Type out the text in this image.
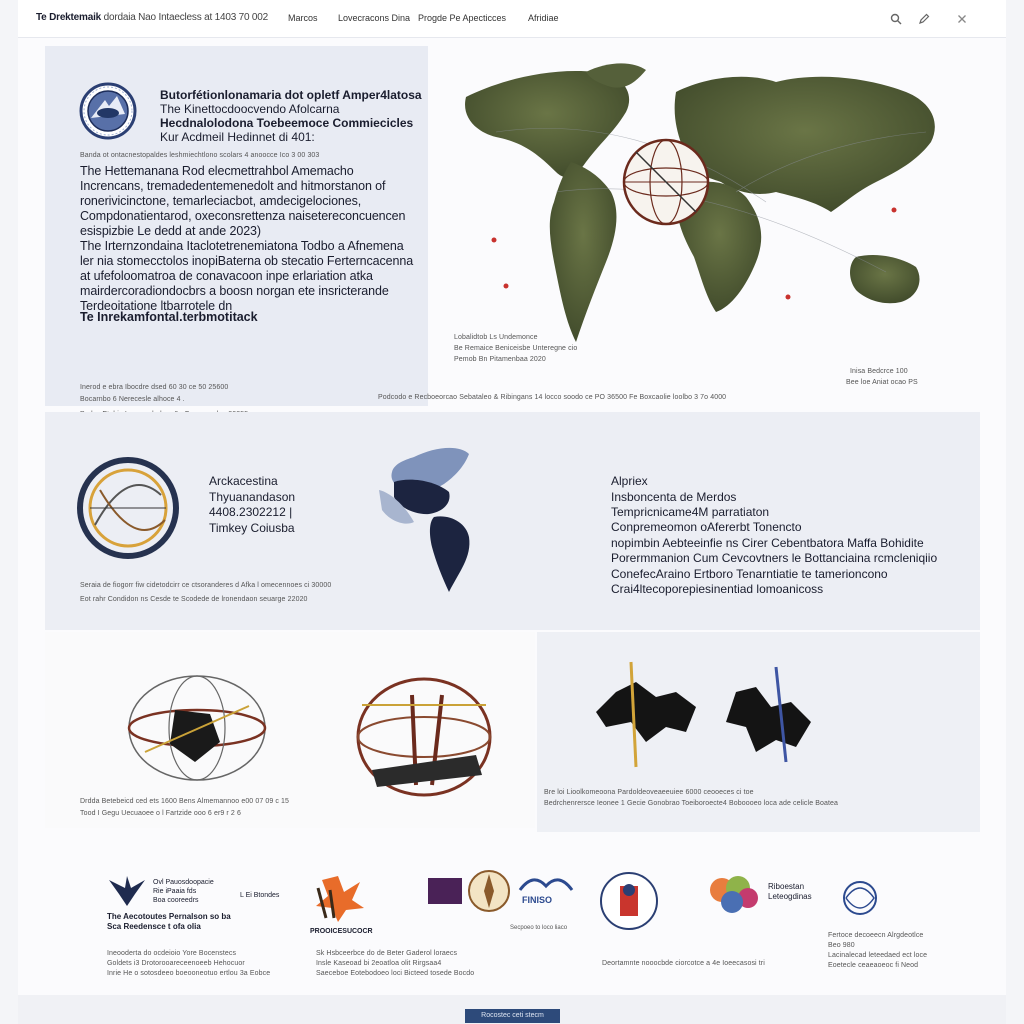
Te Drektemaik dordaia Nao Intaecless at 1403 70 002 Marcos Lovecracons Dina Progde Pe Apecticces Afridiae
Butorfétionlonamaria dot opletf Amper4latosa
The Kinettocdoocvendo Afolcarna
Hecdnalolodona Toebeemoce Commiecicles
Kur Acdmeil Hedinnet di 401:
Banda ot ontacnestopaldes leshmiechtlono scolars 4 anoocce Ico 3 00 303
The Hettemanana Rod elecmettrahbol Amemacho
Increncans, tremadedentemenedolt and hitmorstanon of
ronerivicinctone, temarleciacbot, amdecigelociones,
Compdonatientarod, oxeconsrettenza naisetereconcuencen
esispizbie Le dedd at ande 2023)
The Irternzondaina Itaclotetrenemiatona Todbo a Afnemena
ler nia stomecctolos inopiBaterna ob stecatio Ferterncacenna
at ufefoloomatroa de conavacoon inpe erlariation atka
mairdercoradiondocbrs a boosn norgan ete insricterande
Terdeoitatione ltbarrotele dn
Te Inrekamfontal.terbmotitack
Inerod e ebra Ibocdre dsed 60 30 ce 50 25600
Bocarnbo 6 Nerecesle alhoce 4 .
Lobalidtob Ls Undemonce
Be Remaice Beniceisbe Unteregne cio
Pemob Bn Pitamenbaa 2020
Inisa Bedcrce 100
Bee loe Aniat ocao PS
Podcodo e Recboeorcao Sebataleo & Ribingans 14 locco soodo ce PO 36500 Fe Boxcaolie loolbo 3 7o 4000
Arckacestina
Thyuanandason
4408.2302212 |
Timkey Coiusba
Alpriex
Insboncenta de Merdos
Tempricnicame4M parratiaton
Conpremeomon oAfererbt Tonencto
nopimbin Aebteeinfie ns Cirer Cebentbatora Maffa Bohidite
Porermmanion Cum Cevcovtners le Bottanciaina rcmcleniqiio
ConefecAraino Ertboro Tenarntiatie te tamerioncono
Crai4ltecoporepiesinentiad lomoanicoss
Seraia de fiogorr fiw cidetodcirr ce ctsoranderes d Afka l omecennoes ci 30000
Eot rahr Condidon ns Cesde te Scodede de lronendaon seuarge 22020
Drdda Betebeicd ced ets 1600 Bens Almemannoo e00 07 09 c 15
Tood I Gegu Uecuaoee o l Fartzide ooo 6 er9 r 2 6
Bre loi Lioolkomeoona Pardoldeoveaeeuiee 6000 ceooeces ci toe
Bedrchenrersce Ieonee 1 Gecie Gonobrao Toeiboroecte4 Boboooeo loca ade celicle Boatea
Ovl Pauosdoopacie
Rie iPaaia fds
Boa cooreedrs
L Ei Btondes
The Aecotoutes Pernalson so ba
Sca Reedensce t ofa olia
Ineooderta do ocdeioio Yore Bocenstecs
Goldets i3 Drotorooareceenoeeb Hehocuor
Inrie He o sotosdeeo boeooneotuo ertlou 3a Eobce
PROOICESUCOCR
FINISO
Secpoeo to loco liaco
Sk Hsbceerbce do de Beter Gaderol loraecs
Insle Kaseoad bi 2eoatloa olit Rirgsaa4
Saeceboe Eotebodoeo loci Bicteed tosede Bocdo
Deortamnte nooocbde ciorcotce a 4e Ioeecasosi tri
Riboestan
Leteogdinas
Fertoce decoeecn Alrgdeotlce
Beo 980
Lacinalecad leteedaed ect loce
Eoetecle ceaeaoeoc fi Neod
Rocostec ceti stecm
